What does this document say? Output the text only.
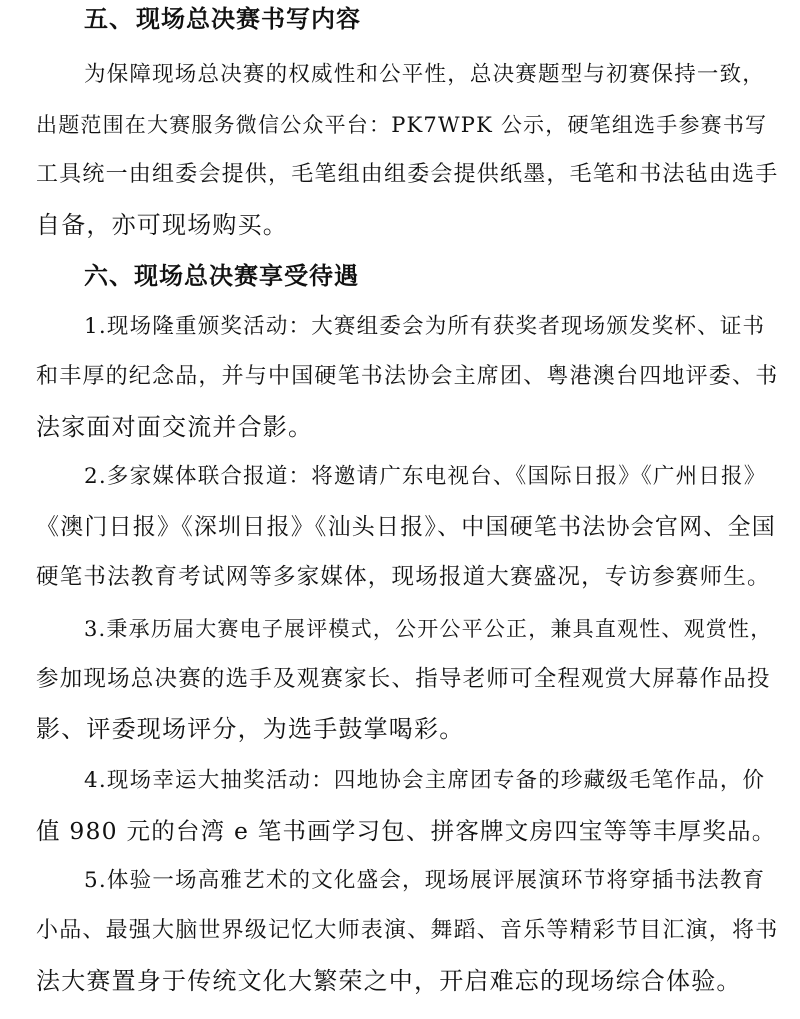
五、现场总决赛书写内容
为保障现场总决赛的权威性和公平性，总决赛题型与初赛保持一致，
出题范围在大赛服务微信公众平台：PK7WPK 公示，硬笔组选手参赛书写
工具统一由组委会提供，毛笔组由组委会提供纸墨，毛笔和书法毡由选手
自备，亦可现场购买。
六、现场总决赛享受待遇
1.现场隆重颁奖活动：大赛组委会为所有获奖者现场颁发奖杯、证书
和丰厚的纪念品，并与中国硬笔书法协会主席团、粤港澳台四地评委、书
法家面对面交流并合影。
2.多家媒体联合报道：将邀请广东电视台、《国际日报》《广州日报》
《澳门日报》《深圳日报》《汕头日报》、中国硬笔书法协会官网、全国
硬笔书法教育考试网等多家媒体，现场报道大赛盛况，专访参赛师生。
3.秉承历届大赛电子展评模式，公开公平公正，兼具直观性、观赏性，
参加现场总决赛的选手及观赛家长、指导老师可全程观赏大屏幕作品投
影、评委现场评分，为选手鼓掌喝彩。
4.现场幸运大抽奖活动：四地协会主席团专备的珍藏级毛笔作品，价
值 980 元的台湾 e 笔书画学习包、拼客牌文房四宝等等丰厚奖品。
5.体验一场高雅艺术的文化盛会，现场展评展演环节将穿插书法教育
小品、最强大脑世界级记忆大师表演、舞蹈、音乐等精彩节目汇演，将书
法大赛置身于传统文化大繁荣之中，开启难忘的现场综合体验。
